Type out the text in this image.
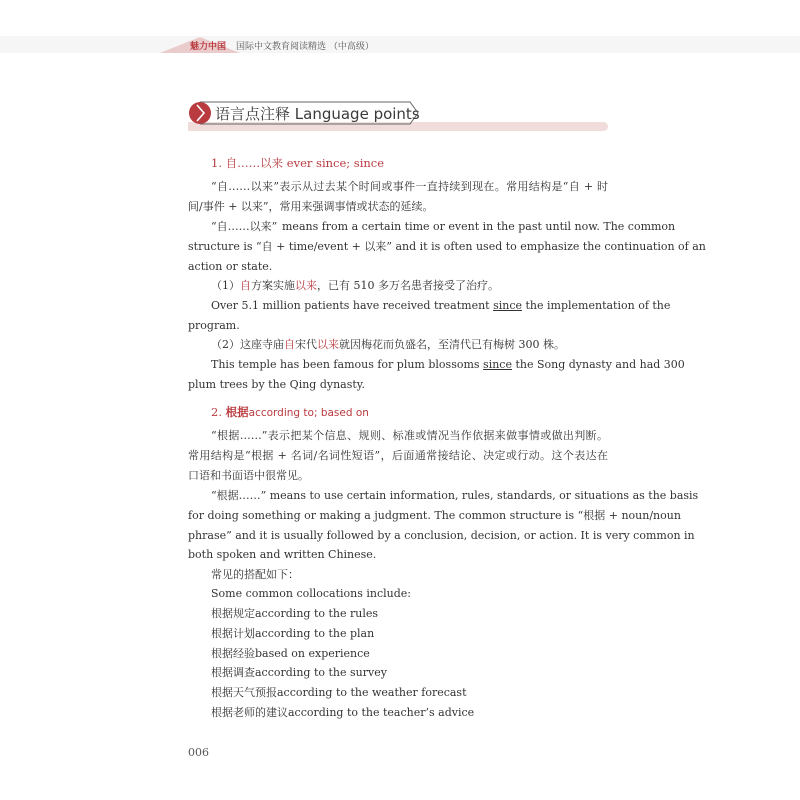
魅力中国 国际中文教育阅读精选 （中高级）
语言点注释 Language points
1. 自……以来 ever since; since
“自……以来”表示从过去某个时间或事件一直持续到现在。常用结构是“自 + 时
间/事件 + 以来”，常用来强调事情或状态的延续。
“自……以来” means from a certain time or event in the past until now. The common
structure is “自 + time/event + 以来” and it is often used to emphasize the continuation of an
action or state.
（1）自方案实施以来，已有 510 多万名患者接受了治疗。
Over 5.1 million patients have received treatment since the implementation of the
program.
（2）这座寺庙自宋代以来就因梅花而负盛名，至清代已有梅树 300 株。
This temple has been famous for plum blossoms since the Song dynasty and had 300
plum trees by the Qing dynasty.
2. 根据according to; based on
“根据……”表示把某个信息、规则、标准或情况当作依据来做事情或做出判断。
常用结构是“根据 + 名词/名词性短语”，后面通常接结论、决定或行动。这个表达在
口语和书面语中很常见。
“根据……” means to use certain information, rules, standards, or situations as the basis
for doing something or making a judgment. The common structure is “根据 + noun/noun
phrase” and it is usually followed by a conclusion, decision, or action. It is very common in
both spoken and written Chinese.
常见的搭配如下：
Some common collocations include:
根据规定according to the rules
根据计划according to the plan
根据经验based on experience
根据调查according to the survey
根据天气预报according to the weather forecast
根据老师的建议according to the teacher’s advice
006
